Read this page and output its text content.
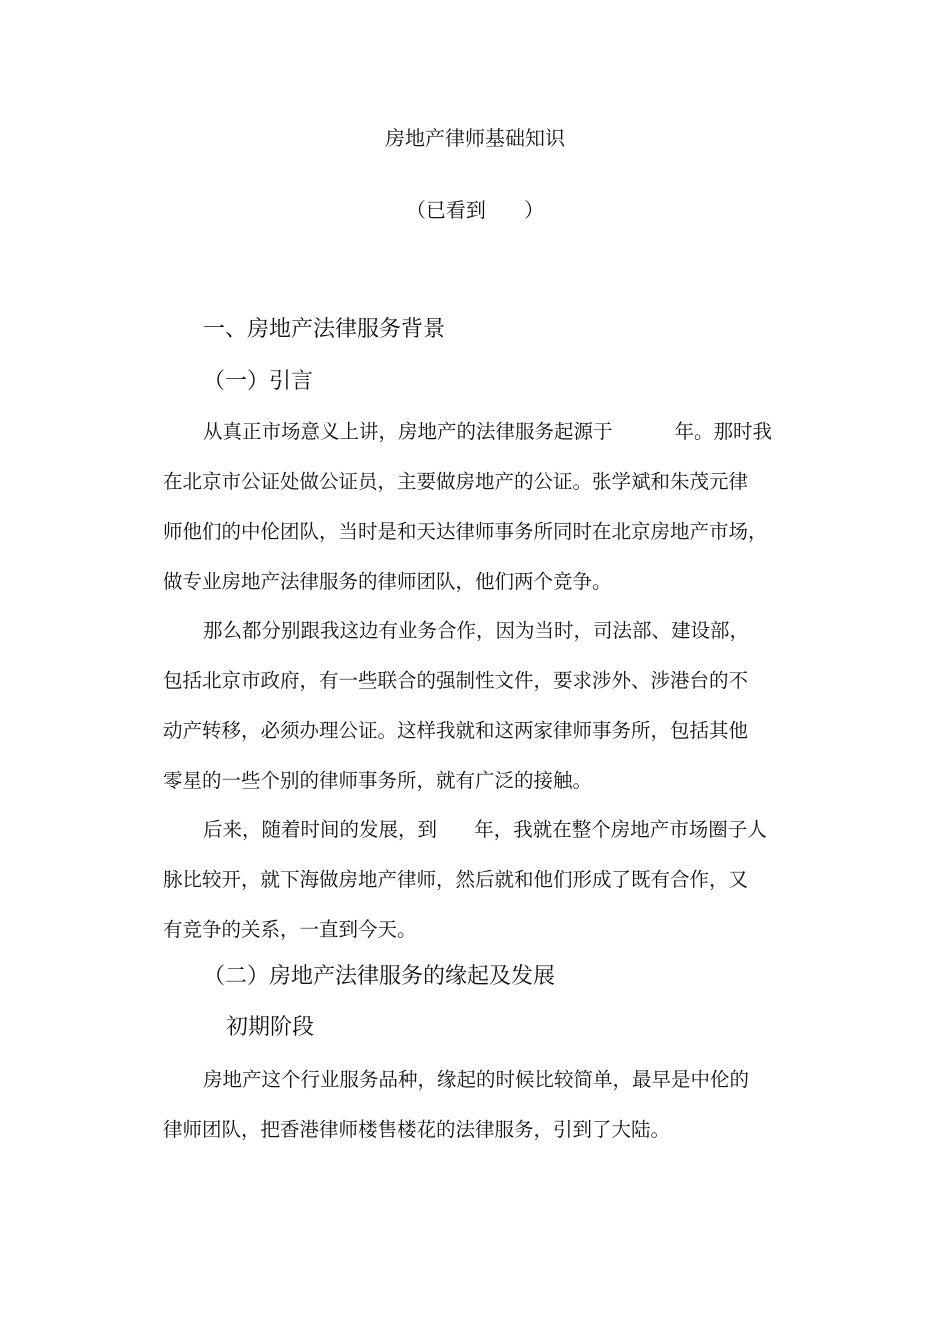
房地产律师基础知识
（已看到      ）
一、房地产法律服务背景
（一）引言
从真正市场意义上讲，房地产的法律服务起源于          年。那时我
在北京市公证处做公证员，主要做房地产的公证。张学斌和朱茂元律
师他们的中伦团队，当时是和天达律师事务所同时在北京房地产市场，
做专业房地产法律服务的律师团队，他们两个竞争。
那么都分别跟我这边有业务合作，因为当时，司法部、建设部，
包括北京市政府，有一些联合的强制性文件，要求涉外、涉港台的不
动产转移，必须办理公证。这样我就和这两家律师事务所，包括其他
零星的一些个别的律师事务所，就有广泛的接触。
后来，随着时间的发展，到      年，我就在整个房地产市场圈子人
脉比较开，就下海做房地产律师，然后就和他们形成了既有合作，又
有竞争的关系，一直到今天。
（二）房地产法律服务的缘起及发展
初期阶段
房地产这个行业服务品种，缘起的时候比较简单，最早是中伦的
律师团队，把香港律师楼售楼花的法律服务，引到了大陆。
